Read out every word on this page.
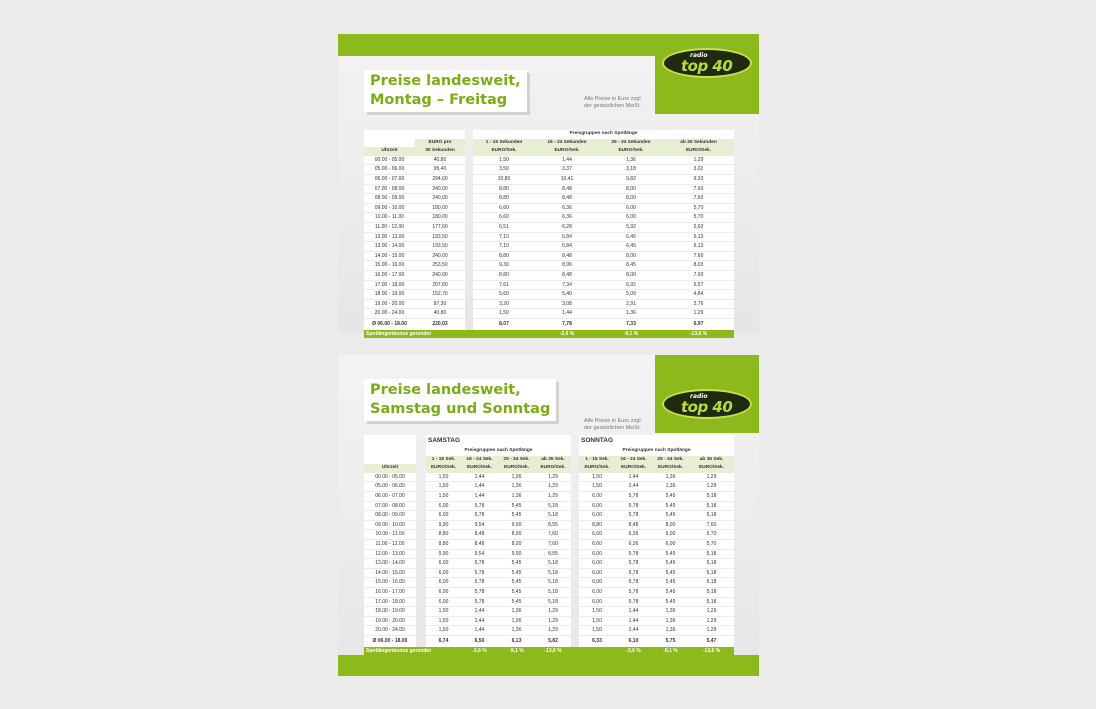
radio
top 40
Preise landesweit,
Montag – Freitag	Alle Preise in Euro zzgl.
der gesetzlichen MwSt.
			Preisgruppen nach Spotlänge			
	EURO pro		1 - 15 Sekunden	16 - 24 Sekunden	25 - 34 Sekunden	ab 35 Sekunden
Uhrzeit	30 Sekunden		EURO/Sek.	EURO/Sek.	EURO/Sek.	EURO/Sek.
00.00 - 05.00	40,80		1,50	1,44	1,36	1,29
05.00 - 06.00	95,40		3,50	3,37	3,18	3,02
06.00 - 07.00	294,60		10,80	10,41	9,82	9,33
07.00 - 08.00	240,00		8,80	8,48	8,00	7,60
08.00 - 09.00	240,00		8,80	8,48	8,00	7,60
09.00 - 10.00	180,00		6,60	6,36	6,00	5,70
10.00 - 11.00	180,00		6,60	6,36	6,00	5,70
11.00 - 12.00	177,60		6,51	6,28	5,92	5,62
12.00 - 13.00	193,50		7,10	6,84	6,45	6,13
13.00 - 14.00	193,50		7,10	6,84	6,45	6,13
14.00 - 15.00	240,00		8,80	8,48	8,00	7,60
15.00 - 16.00	253,50		9,30	8,96	8,45	8,03
16.00 - 17.00	240,00		8,80	8,48	8,00	7,60
17.00 - 18.00	207,60		7,61	7,34	6,92	6,57
18.00 - 19.00	152,70		5,60	5,40	5,09	4,84
19.00 - 20.00	87,30		3,20	3,08	2,91	2,76
20.00 - 24.00	40,80		1,50	1,44	1,36	1,29
Ø 06.00 - 18.00	220,03		8,07	7,78	7,33	6,97
Spotlängenbonus gerundet				-3,6 %	-9,1 %	-13,6 %
radio
top 40
Preise landesweit,
Samstag und Sonntag
Alle Preise in Euro zzgl.
der gesetzlichen MwSt.
		SAMSTAG					SONNTAG			
		Preisgruppen nach Spotlänge					Preisgruppen nach Spotlänge			
		1 - 15 Sek.	16 - 24 Sek.	25 - 34 Sek.	ab 35 Sek.		1 - 15 Sek.	16 - 24 Sek.	25 - 34 Sek.	ab 35 Sek.
Uhrzeit		EURO/Sek.	EURO/Sek.	EURO/Sek.	EURO/Sek.		EURO/Sek.	EURO/Sek.	EURO/Sek.	EURO/Sek.
00.00 - 05.00		1,50	1,44	1,36	1,29		1,50	1,44	1,36	1,29
05.00 - 06.00		1,50	1,44	1,36	1,29		1,50	1,44	1,36	1,29
06.00 - 07.00		1,50	1,44	1,36	1,29		6,00	5,78	5,45	5,18
07.00 - 08.00		6,00	5,78	5,45	5,18		6,00	5,78	5,45	5,18
08.00 - 09.00		6,00	5,78	5,45	5,18		6,00	5,78	5,45	5,18
09.00 - 10.00		9,90	9,54	9,00	8,55		8,80	8,48	8,00	7,60
10.00 - 11.00		8,80	8,48	8,00	7,60		6,60	6,36	6,00	5,70
11.00 - 12.00		8,80	8,48	8,00	7,60		6,60	6,36	6,00	5,70
12.00 - 13.00		9,90	9,54	9,00	8,55		6,00	5,78	5,45	5,18
13.00 - 14.00		6,00	5,78	5,45	5,18		6,00	5,78	5,45	5,18
14.00 - 15.00		6,00	5,78	5,45	5,18		6,00	5,78	5,45	5,18
15.00 - 16.00		6,00	5,78	5,45	5,18		6,00	5,78	5,45	5,18
16.00 - 17.00		6,00	5,78	5,45	5,18		6,00	5,78	5,45	5,18
17.00 - 18.00		6,00	5,78	5,45	5,18		6,00	5,78	5,45	5,18
18.00 - 19.00		1,50	1,44	1,36	1,29		1,50	1,44	1,36	1,29
19.00 - 20.00		1,50	1,44	1,36	1,29		1,50	1,44	1,36	1,29
20.00 - 24.00		1,50	1,44	1,36	1,29		1,50	1,44	1,36	1,29
Ø 06.00 - 18.00		6,74	6,50	6,13	5,82		6,33	6,10	5,75	5,47
Spotlängenbonus gerundet			-3,6 %	-9,1 %	-13,6 %			-3,6 %	-9,1 %	-13,6 %
